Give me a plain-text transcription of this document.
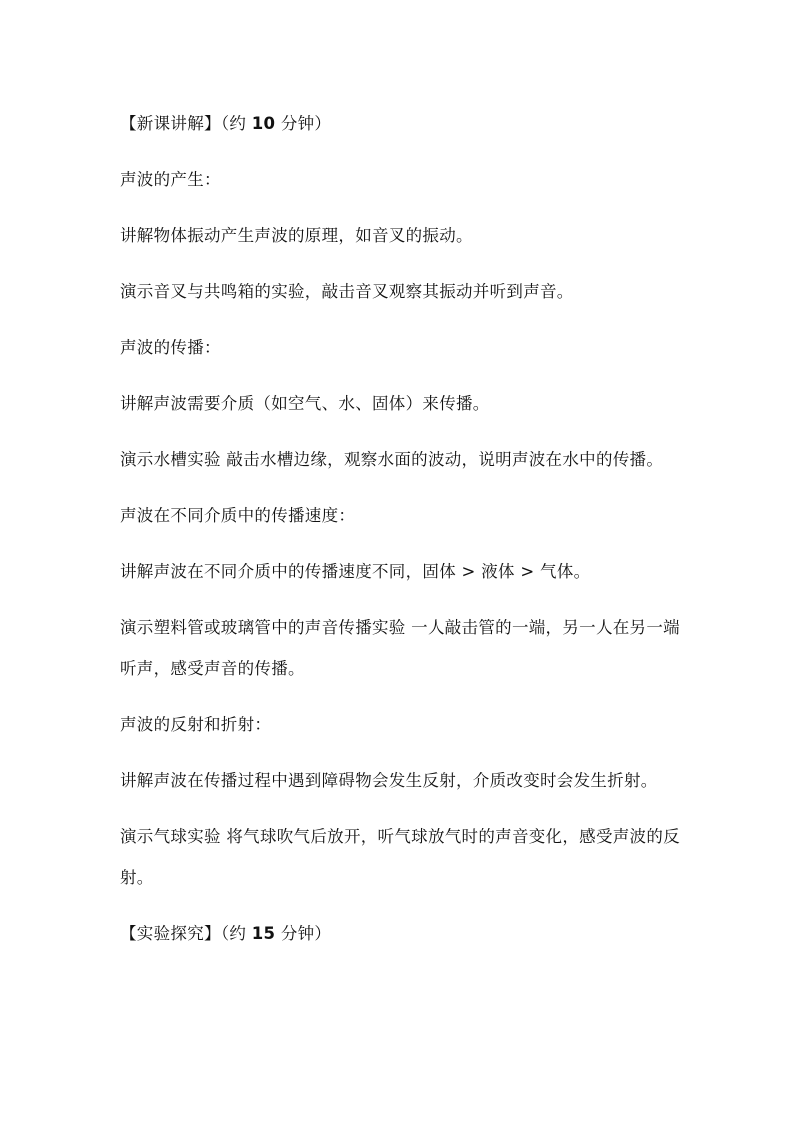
【新课讲解】（约 10 分钟）

声波的产生：

讲解物体振动产生声波的原理，如音叉的振动。

演示音叉与共鸣箱的实验，敲击音叉观察其振动并听到声音。

声波的传播：

讲解声波需要介质（如空气、水、固体）来传播。

演示水槽实验 敲击水槽边缘，观察水面的波动，说明声波在水中的传播。

声波在不同介质中的传播速度：

讲解声波在不同介质中的传播速度不同，固体 > 液体 > 气体。

演示塑料管或玻璃管中的声音传播实验 一人敲击管的一端，另一人在另一端听声，感受声音的传播。

声波的反射和折射：

讲解声波在传播过程中遇到障碍物会发生反射，介质改变时会发生折射。

演示气球实验 将气球吹气后放开，听气球放气时的声音变化，感受声波的反射。

【实验探究】（约 15 分钟）
